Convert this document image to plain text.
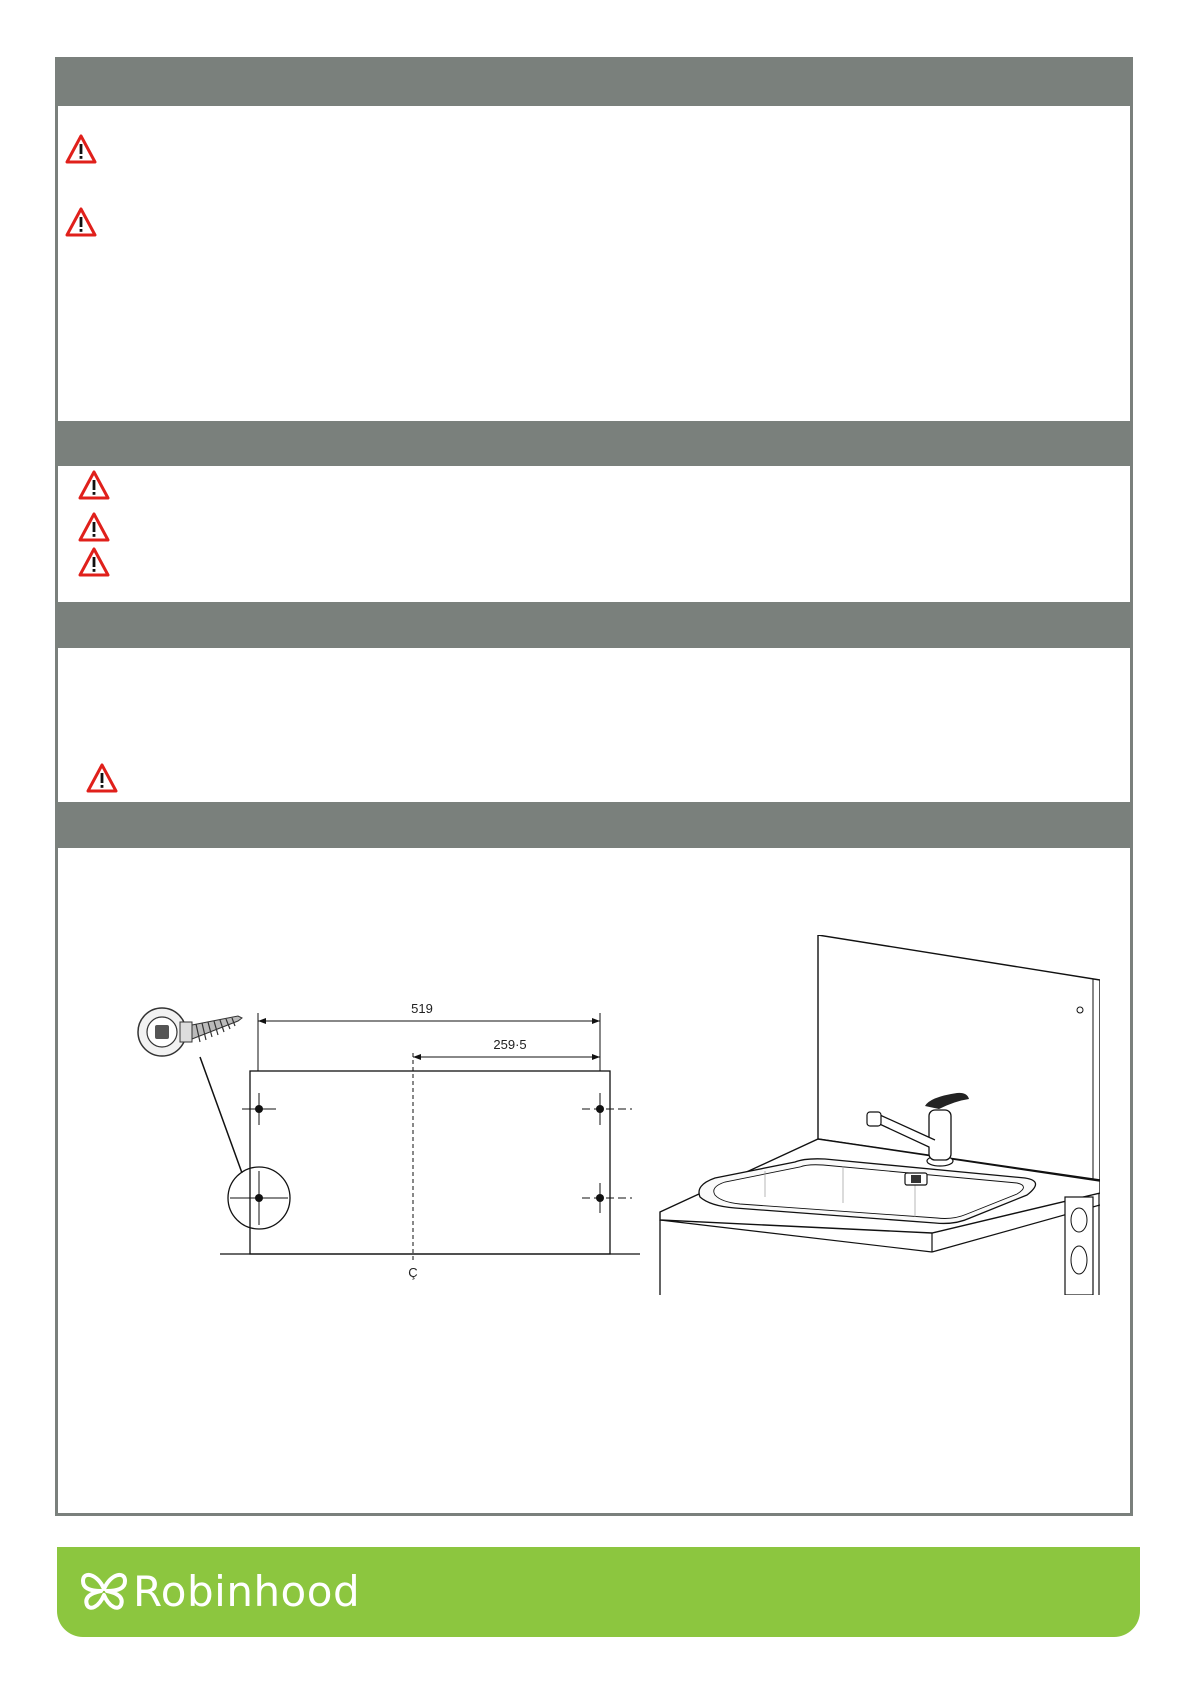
519
259·5
Ç
Robinhood
